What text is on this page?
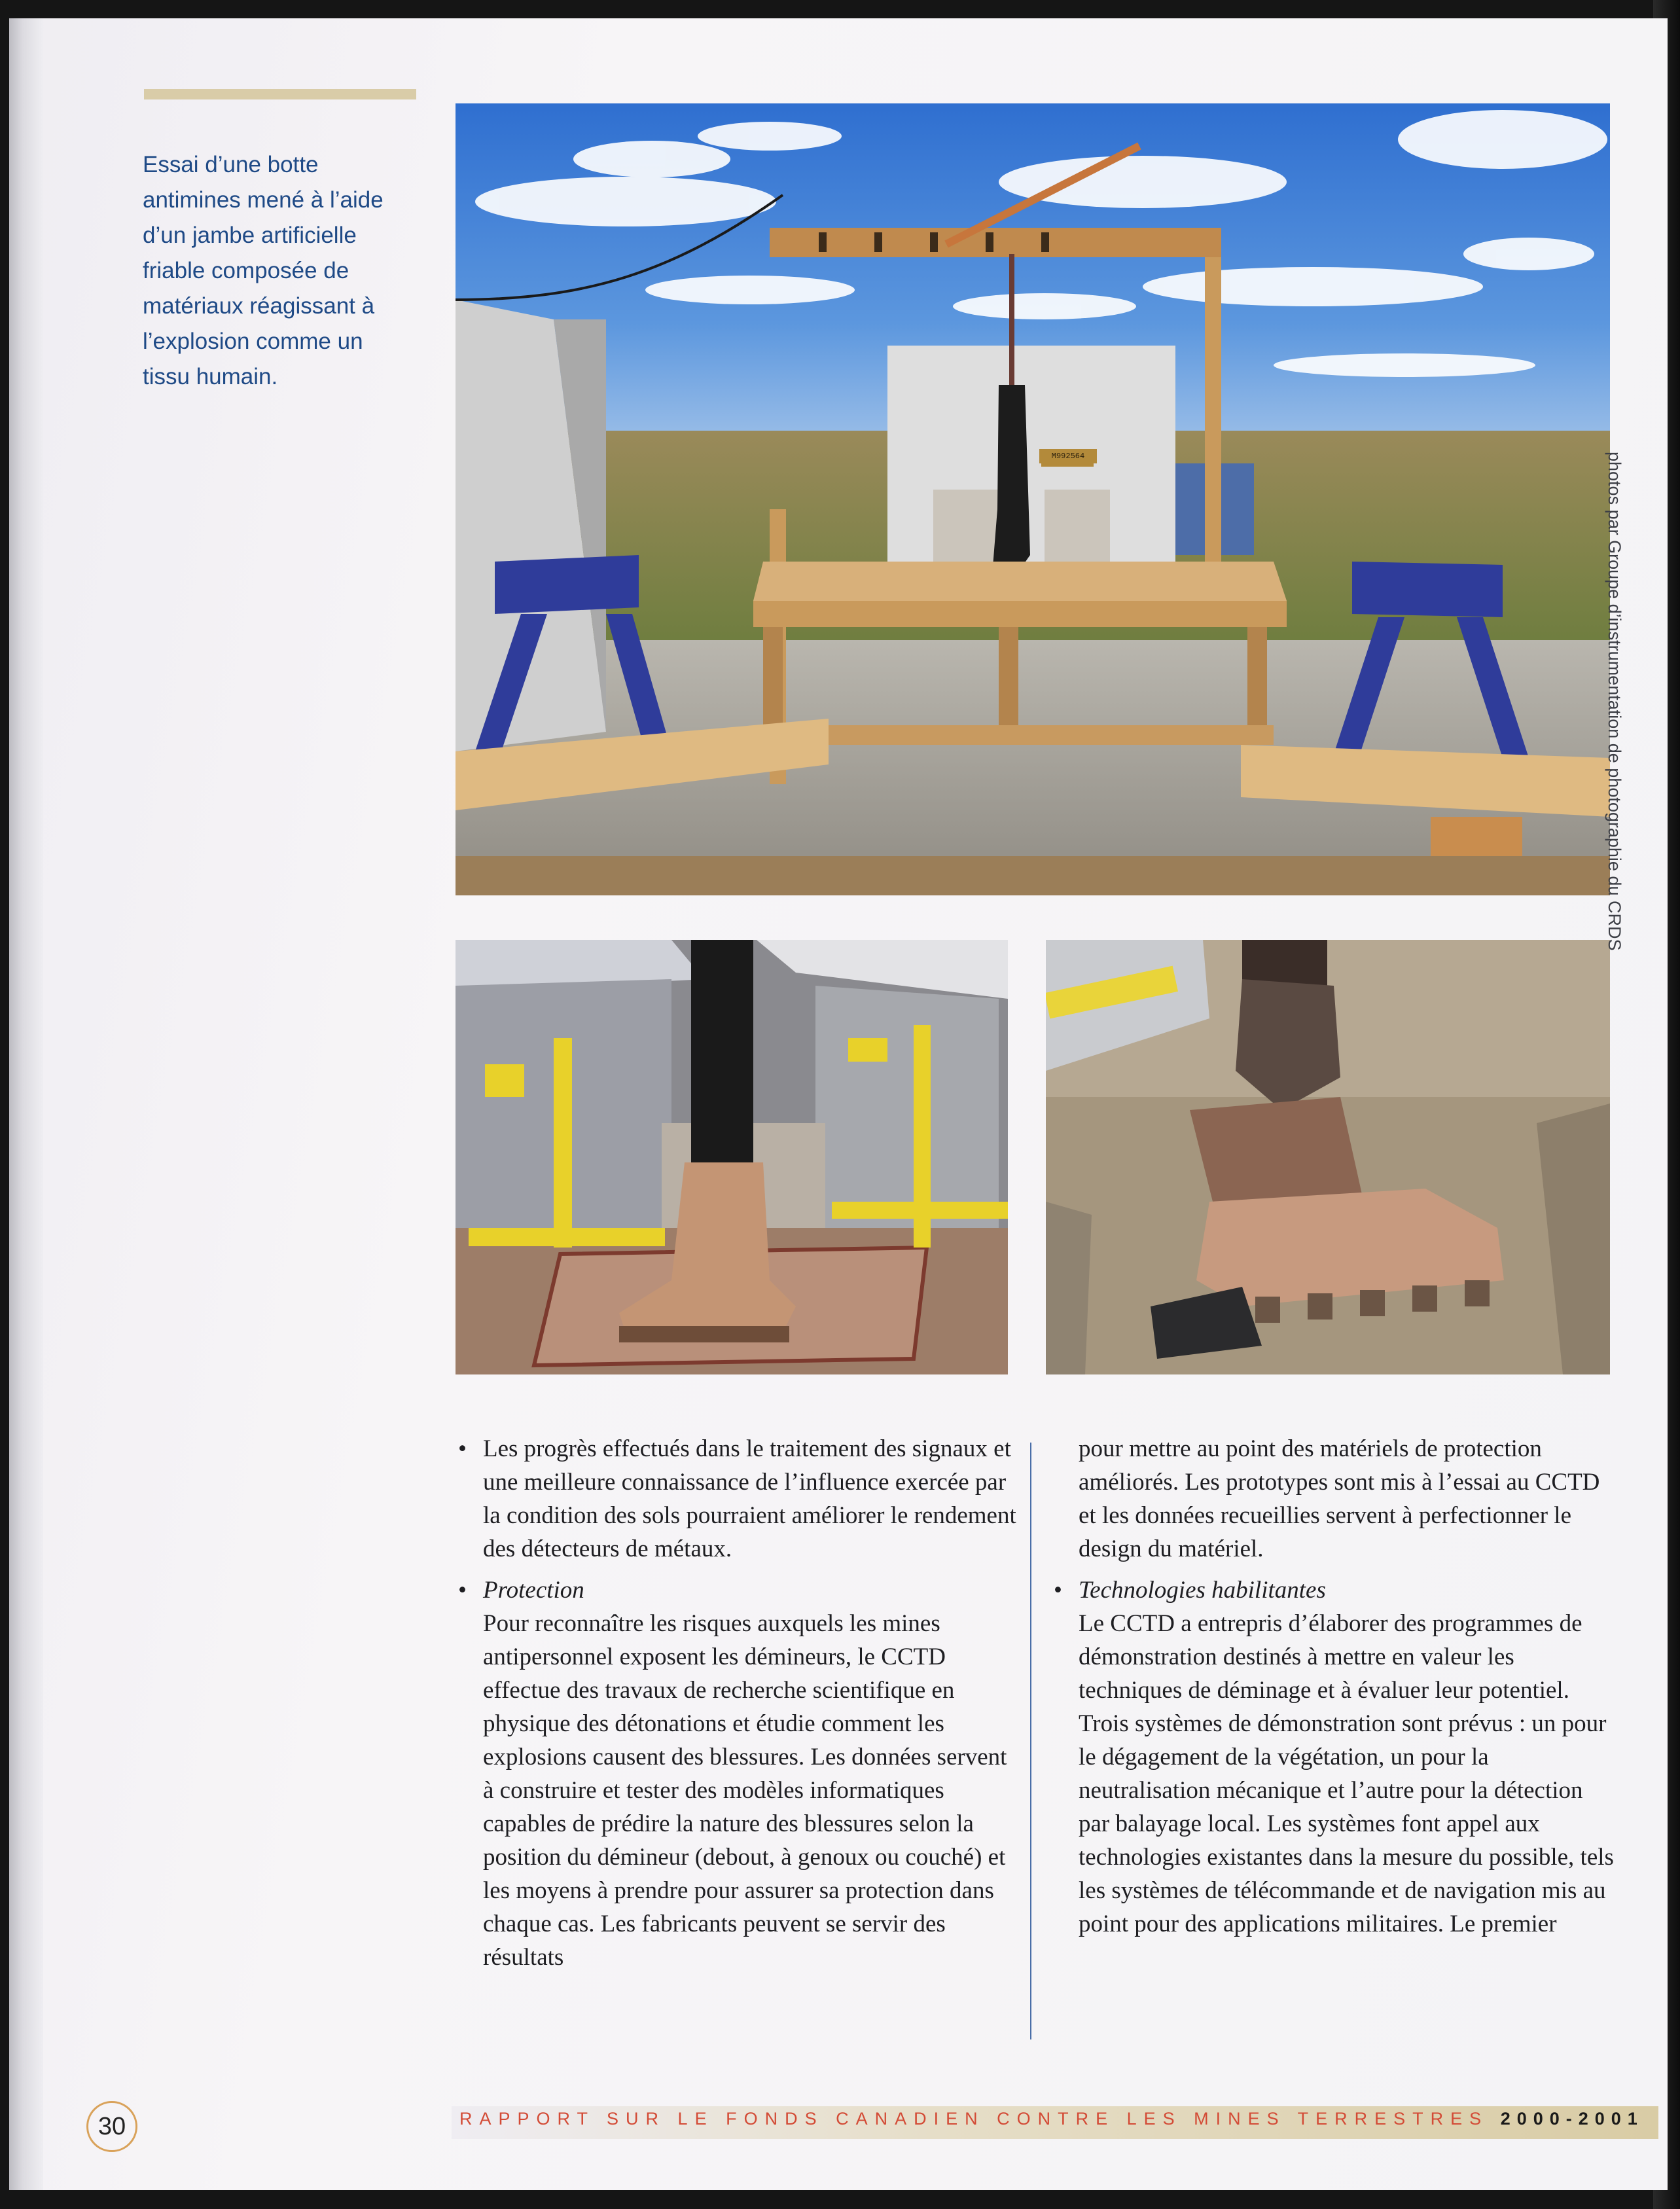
Essai d’une botte
antimines mené à l’aide
d’un jambe artificielle
friable composée de
matériaux réagissant à
l’explosion comme un
tissu humain.

M992564	photos par Groupe d’instrumentation de photographie du CRDS
• Les progrès effectués dans le traitement des signaux et une meilleure connaissance de l’influence exercée par la condition des sols pourraient améliorer le rendement des détecteurs de métaux.

• Protection

Pour reconnaître les risques auxquels les mines antipersonnel exposent les démineurs, le CCTD effectue des travaux de recherche scientifique en physique des détonations et étudie comment les explosions causent des blessures. Les données servent à construire et tester des modèles informatiques capables de prédire la nature des blessures selon la position du démineur (debout, à genoux ou couché) et les moyens à prendre pour assurer sa protection dans chaque cas. Les fabricants peuvent se servir des résultats

pour mettre au point des matériels de protection améliorés. Les prototypes sont mis à l’essai au CCTD et les données recueillies servent à perfectionner le design du matériel.

• Technologies habilitantes

Le CCTD a entrepris d’élaborer des programmes de démonstration destinés à mettre en valeur les techniques de déminage et à évaluer leur potentiel. Trois systèmes de démonstration sont prévus : un pour le dégagement de la végétation, un pour la neutralisation mécanique et l’autre pour la détection par balayage local. Les systèmes font appel aux technologies existantes dans la mesure du possible, tels les systèmes de télécommande et de navigation mis au point pour des applications militaires. Le premier

RAPPORT SUR LE FONDS CANADIEN CONTRE LES MINES TERRESTRES 2000-2001
30
